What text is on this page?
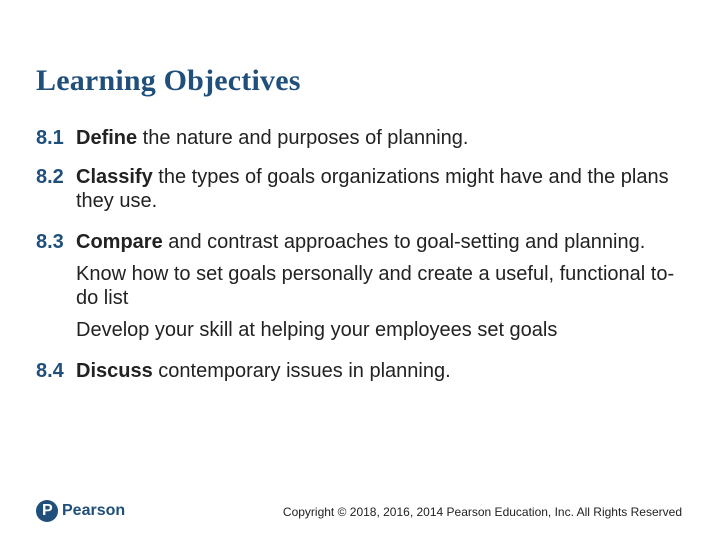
Learning Objectives
8.1 Define the nature and purposes of planning.
8.2 Classify the types of goals organizations might have and the plans they use.
8.3 Compare and contrast approaches to goal-setting and planning.
Know how to set goals personally and create a useful, functional to-do list
Develop your skill at helping your employees set goals
8.4 Discuss contemporary issues in planning.
P Pearson	Copyright © 2018, 2016, 2014 Pearson Education, Inc. All Rights Reserved
